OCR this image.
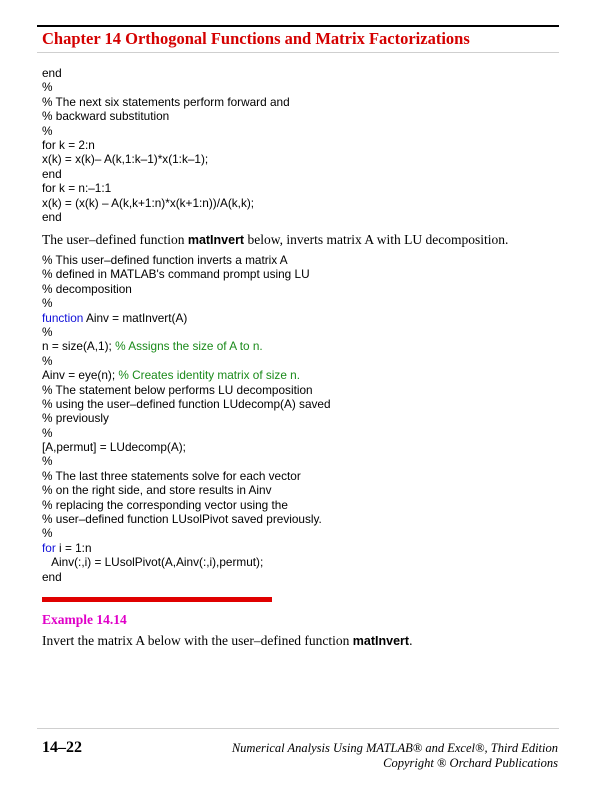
Chapter 14 Orthogonal Functions and Matrix Factorizations
end
%
% The next six statements perform forward and
% backward substitution
%
for k = 2:n
x(k) = x(k)– A(k,1:k–1)*x(1:k–1);
end
for k = n:–1:1
x(k) = (x(k) – A(k,k+1:n)*x(k+1:n))/A(k,k);
end
The user–defined function matInvert below, inverts matrix A with LU decomposition.
% This user–defined function inverts a matrix A
% defined in MATLAB's command prompt using LU
% decomposition
%
function Ainv = matInvert(A)
%
n = size(A,1); % Assigns the size of A to n.
%
Ainv = eye(n); % Creates identity matrix of size n.
% The statement below performs LU decomposition
% using the user–defined function LUdecomp(A) saved
% previously
%
[A,permut] = LUdecomp(A);
%
% The last three statements solve for each vector
% on the right side, and store results in Ainv
% replacing the corresponding vector using the
% user–defined function LUsolPivot saved previously.
%
for i = 1:n
Ainv(:,i) = LUsolPivot(A,Ainv(:,i),permut);
end
Example 14.14
Invert the matrix A below with the user–defined function matInvert.
14–22	Numerical Analysis Using MATLAB® and Excel®, Third Edition
Copyright ® Orchard Publications
